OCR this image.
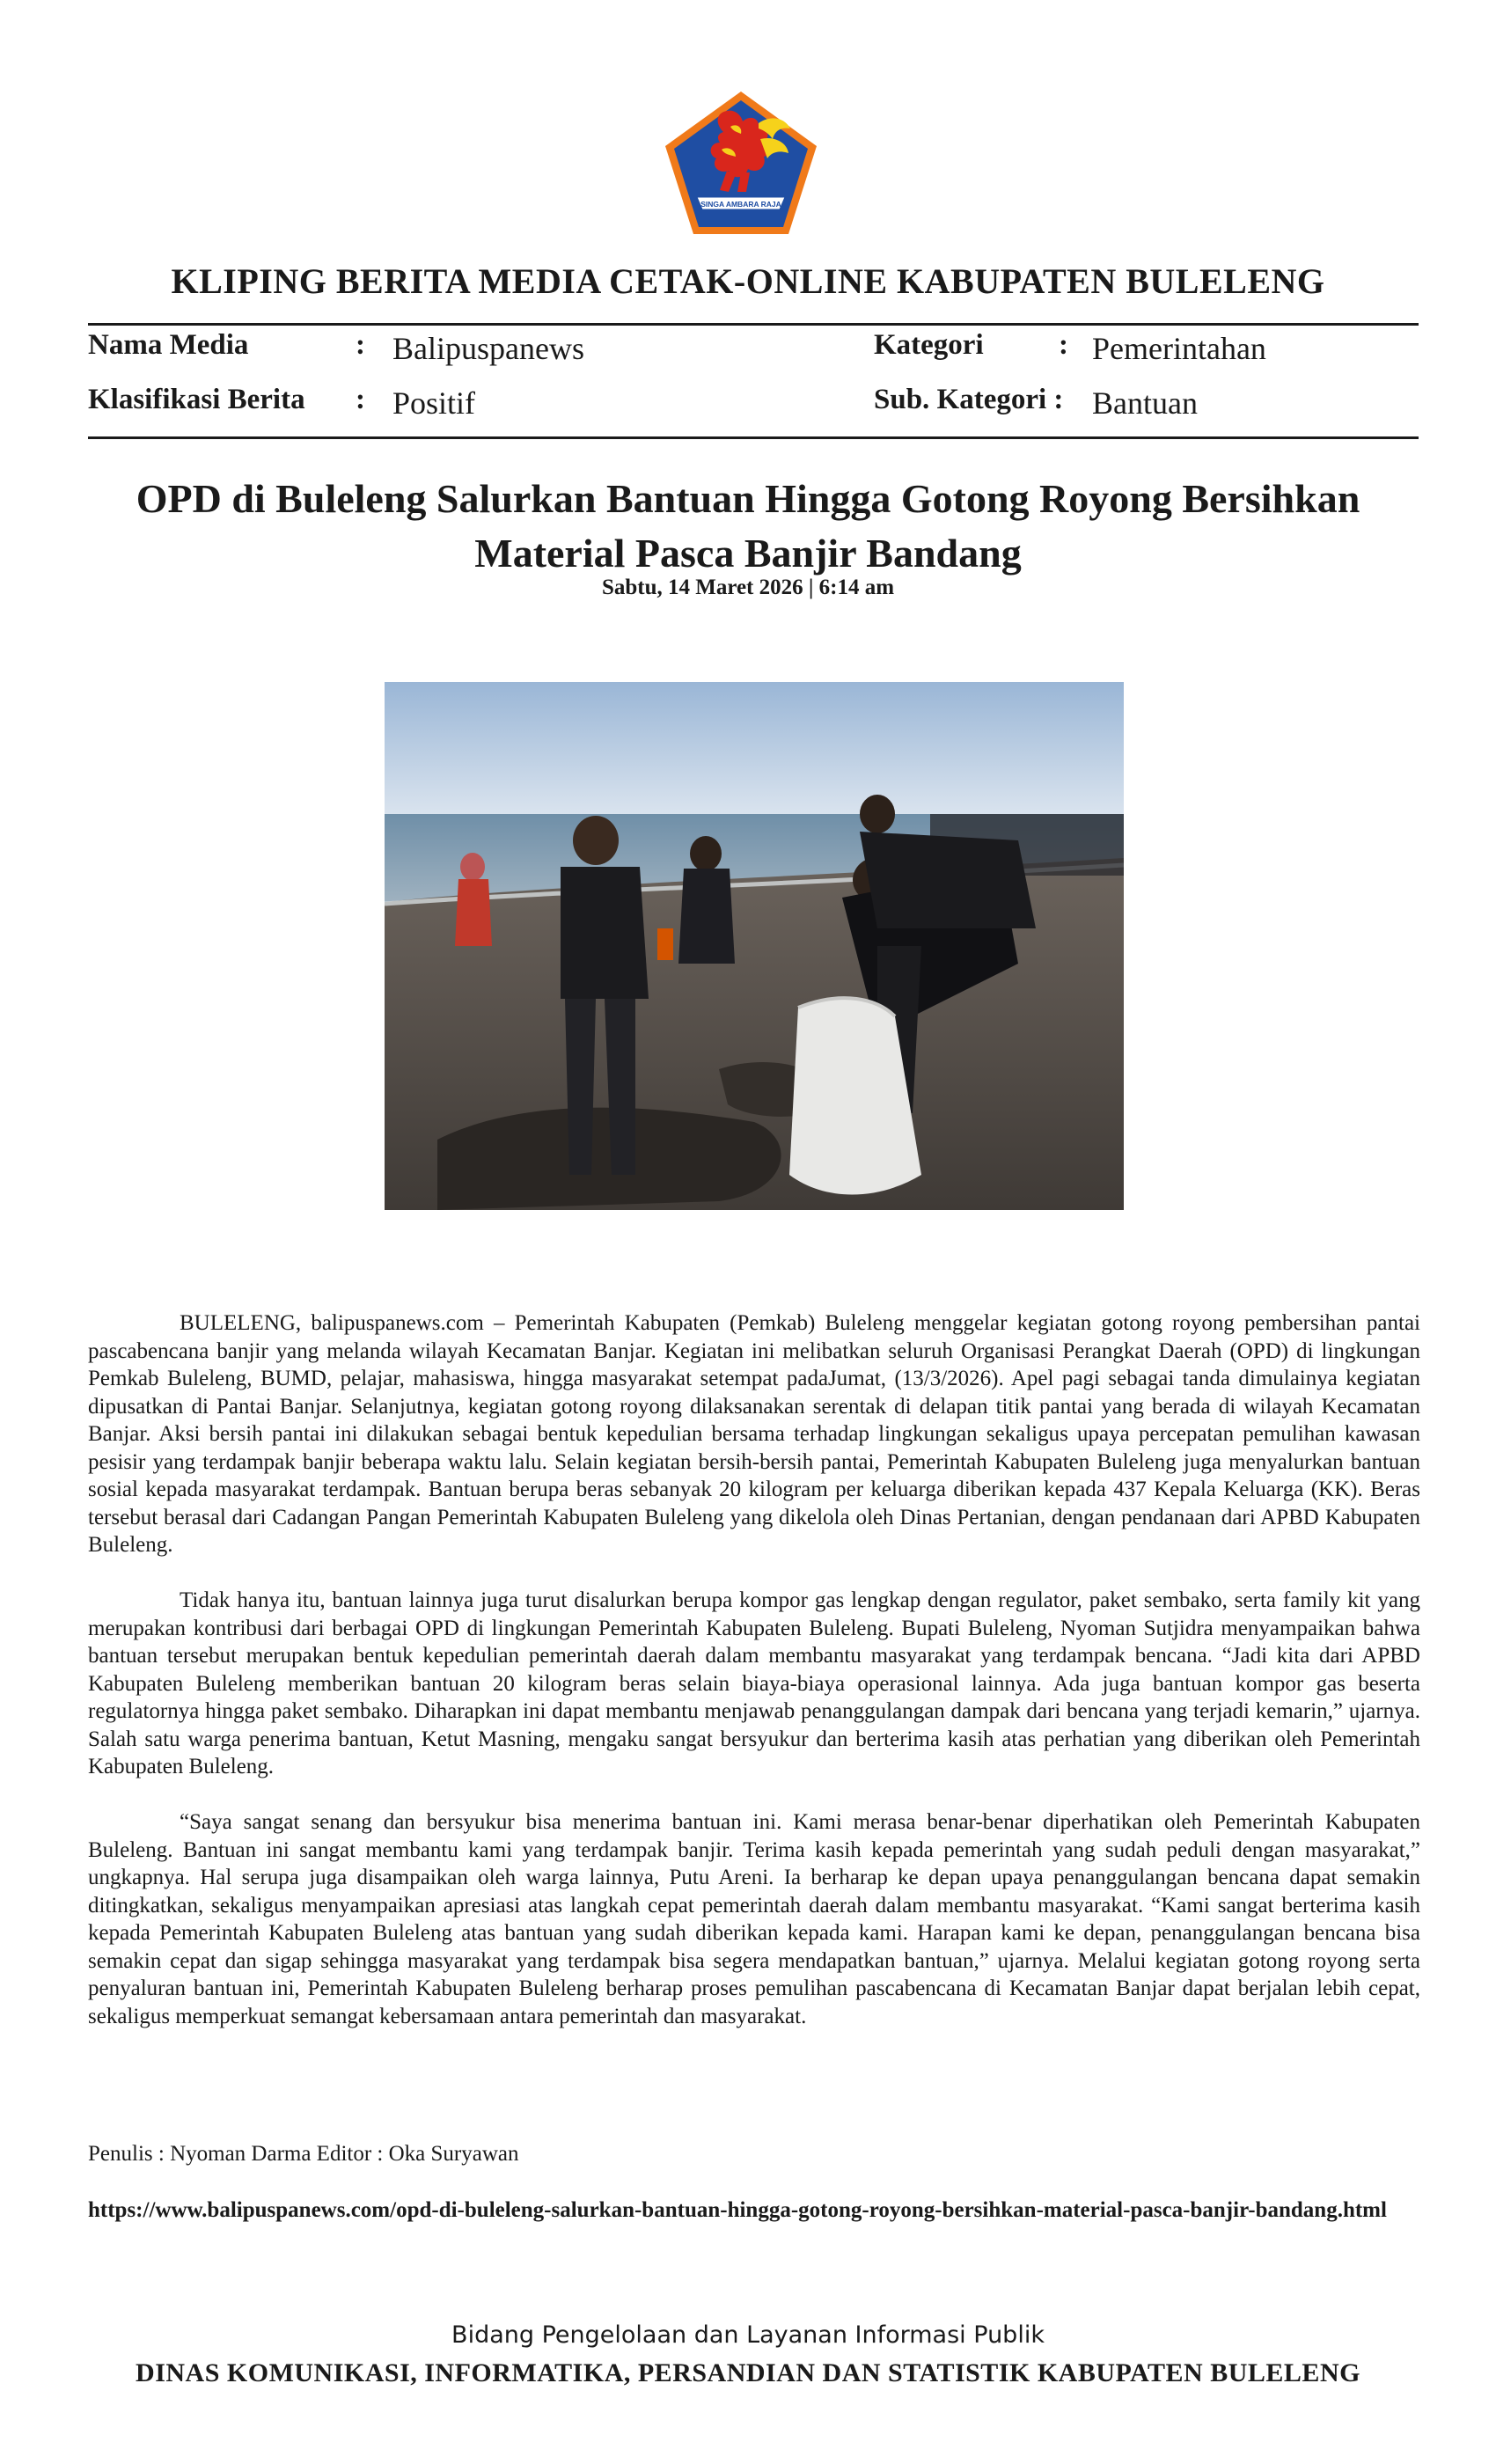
SINGA AMBARA RAJA
KLIPING BERITA MEDIA CETAK-ONLINE KABUPATEN BULELENG
Nama Media	: Balipuspanews	Kategori	: Pemerintahan
Klasifikasi Berita : Positif	Sub. Kategori : Bantuan
OPD di Buleleng Salurkan Bantuan Hingga Gotong Royong Bersihkan
Material Pasca Banjir Bandang
Sabtu, 14 Maret 2026 | 6:14 am

BULELENG, balipuspanews.com – Pemerintah Kabupaten (Pemkab) Buleleng menggelar kegiatan gotong royong pembersihan pantai pascabencana banjir yang melanda wilayah Kecamatan Banjar. Kegiatan ini melibatkan seluruh Organisasi Perangkat Daerah (OPD) di lingkungan Pemkab Buleleng, BUMD, pelajar, mahasiswa, hingga masyarakat setempat padaJumat, (13/3/2026). Apel pagi sebagai tanda dimulainya kegiatan dipusatkan di Pantai Banjar. Selanjutnya, kegiatan gotong royong dilaksanakan serentak di delapan titik pantai yang berada di wilayah Kecamatan Banjar. Aksi bersih pantai ini dilakukan sebagai bentuk kepedulian bersama terhadap lingkungan sekaligus upaya percepatan pemulihan kawasan pesisir yang terdampak banjir beberapa waktu lalu. Selain kegiatan bersih-bersih pantai, Pemerintah Kabupaten Buleleng juga menyalurkan bantuan sosial kepada masyarakat terdampak. Bantuan berupa beras sebanyak 20 kilogram per keluarga diberikan kepada 437 Kepala Keluarga (KK). Beras tersebut berasal dari Cadangan Pangan Pemerintah Kabupaten Buleleng yang dikelola oleh Dinas Pertanian, dengan pendanaan dari APBD Kabupaten Buleleng.

Tidak hanya itu, bantuan lainnya juga turut disalurkan berupa kompor gas lengkap dengan regulator, paket sembako, serta family kit yang merupakan kontribusi dari berbagai OPD di lingkungan Pemerintah Kabupaten Buleleng. Bupati Buleleng, Nyoman Sutjidra menyampaikan bahwa bantuan tersebut merupakan bentuk kepedulian pemerintah daerah dalam membantu masyarakat yang terdampak bencana. “Jadi kita dari APBD Kabupaten Buleleng memberikan bantuan 20 kilogram beras selain biaya-biaya operasional lainnya. Ada juga bantuan kompor gas beserta regulatornya hingga paket sembako. Diharapkan ini dapat membantu menjawab penanggulangan dampak dari bencana yang terjadi kemarin,” ujarnya. Salah satu warga penerima bantuan, Ketut Masning, mengaku sangat bersyukur dan berterima kasih atas perhatian yang diberikan oleh Pemerintah Kabupaten Buleleng.

“Saya sangat senang dan bersyukur bisa menerima bantuan ini. Kami merasa benar-benar diperhatikan oleh Pemerintah Kabupaten Buleleng. Bantuan ini sangat membantu kami yang terdampak banjir. Terima kasih kepada pemerintah yang sudah peduli dengan masyarakat,” ungkapnya. Hal serupa juga disampaikan oleh warga lainnya, Putu Areni. Ia berharap ke depan upaya penanggulangan bencana dapat semakin ditingkatkan, sekaligus menyampaikan apresiasi atas langkah cepat pemerintah daerah dalam membantu masyarakat. “Kami sangat berterima kasih kepada Pemerintah Kabupaten Buleleng atas bantuan yang sudah diberikan kepada kami. Harapan kami ke depan, penanggulangan bencana bisa semakin cepat dan sigap sehingga masyarakat yang terdampak bisa segera mendapatkan bantuan,” ujarnya. Melalui kegiatan gotong royong serta penyaluran bantuan ini, Pemerintah Kabupaten Buleleng berharap proses pemulihan pascabencana di Kecamatan Banjar dapat berjalan lebih cepat, sekaligus memperkuat semangat kebersamaan antara pemerintah dan masyarakat.

Penulis : Nyoman Darma Editor : Oka Suryawan
https://www.balipuspanews.com/opd-di-buleleng-salurkan-bantuan-hingga-gotong-royong-bersihkan-material-pasca-banjir-bandang.html
Bidang Pengelolaan dan Layanan Informasi Publik
DINAS KOMUNIKASI, INFORMATIKA, PERSANDIAN DAN STATISTIK KABUPATEN BULELENG
